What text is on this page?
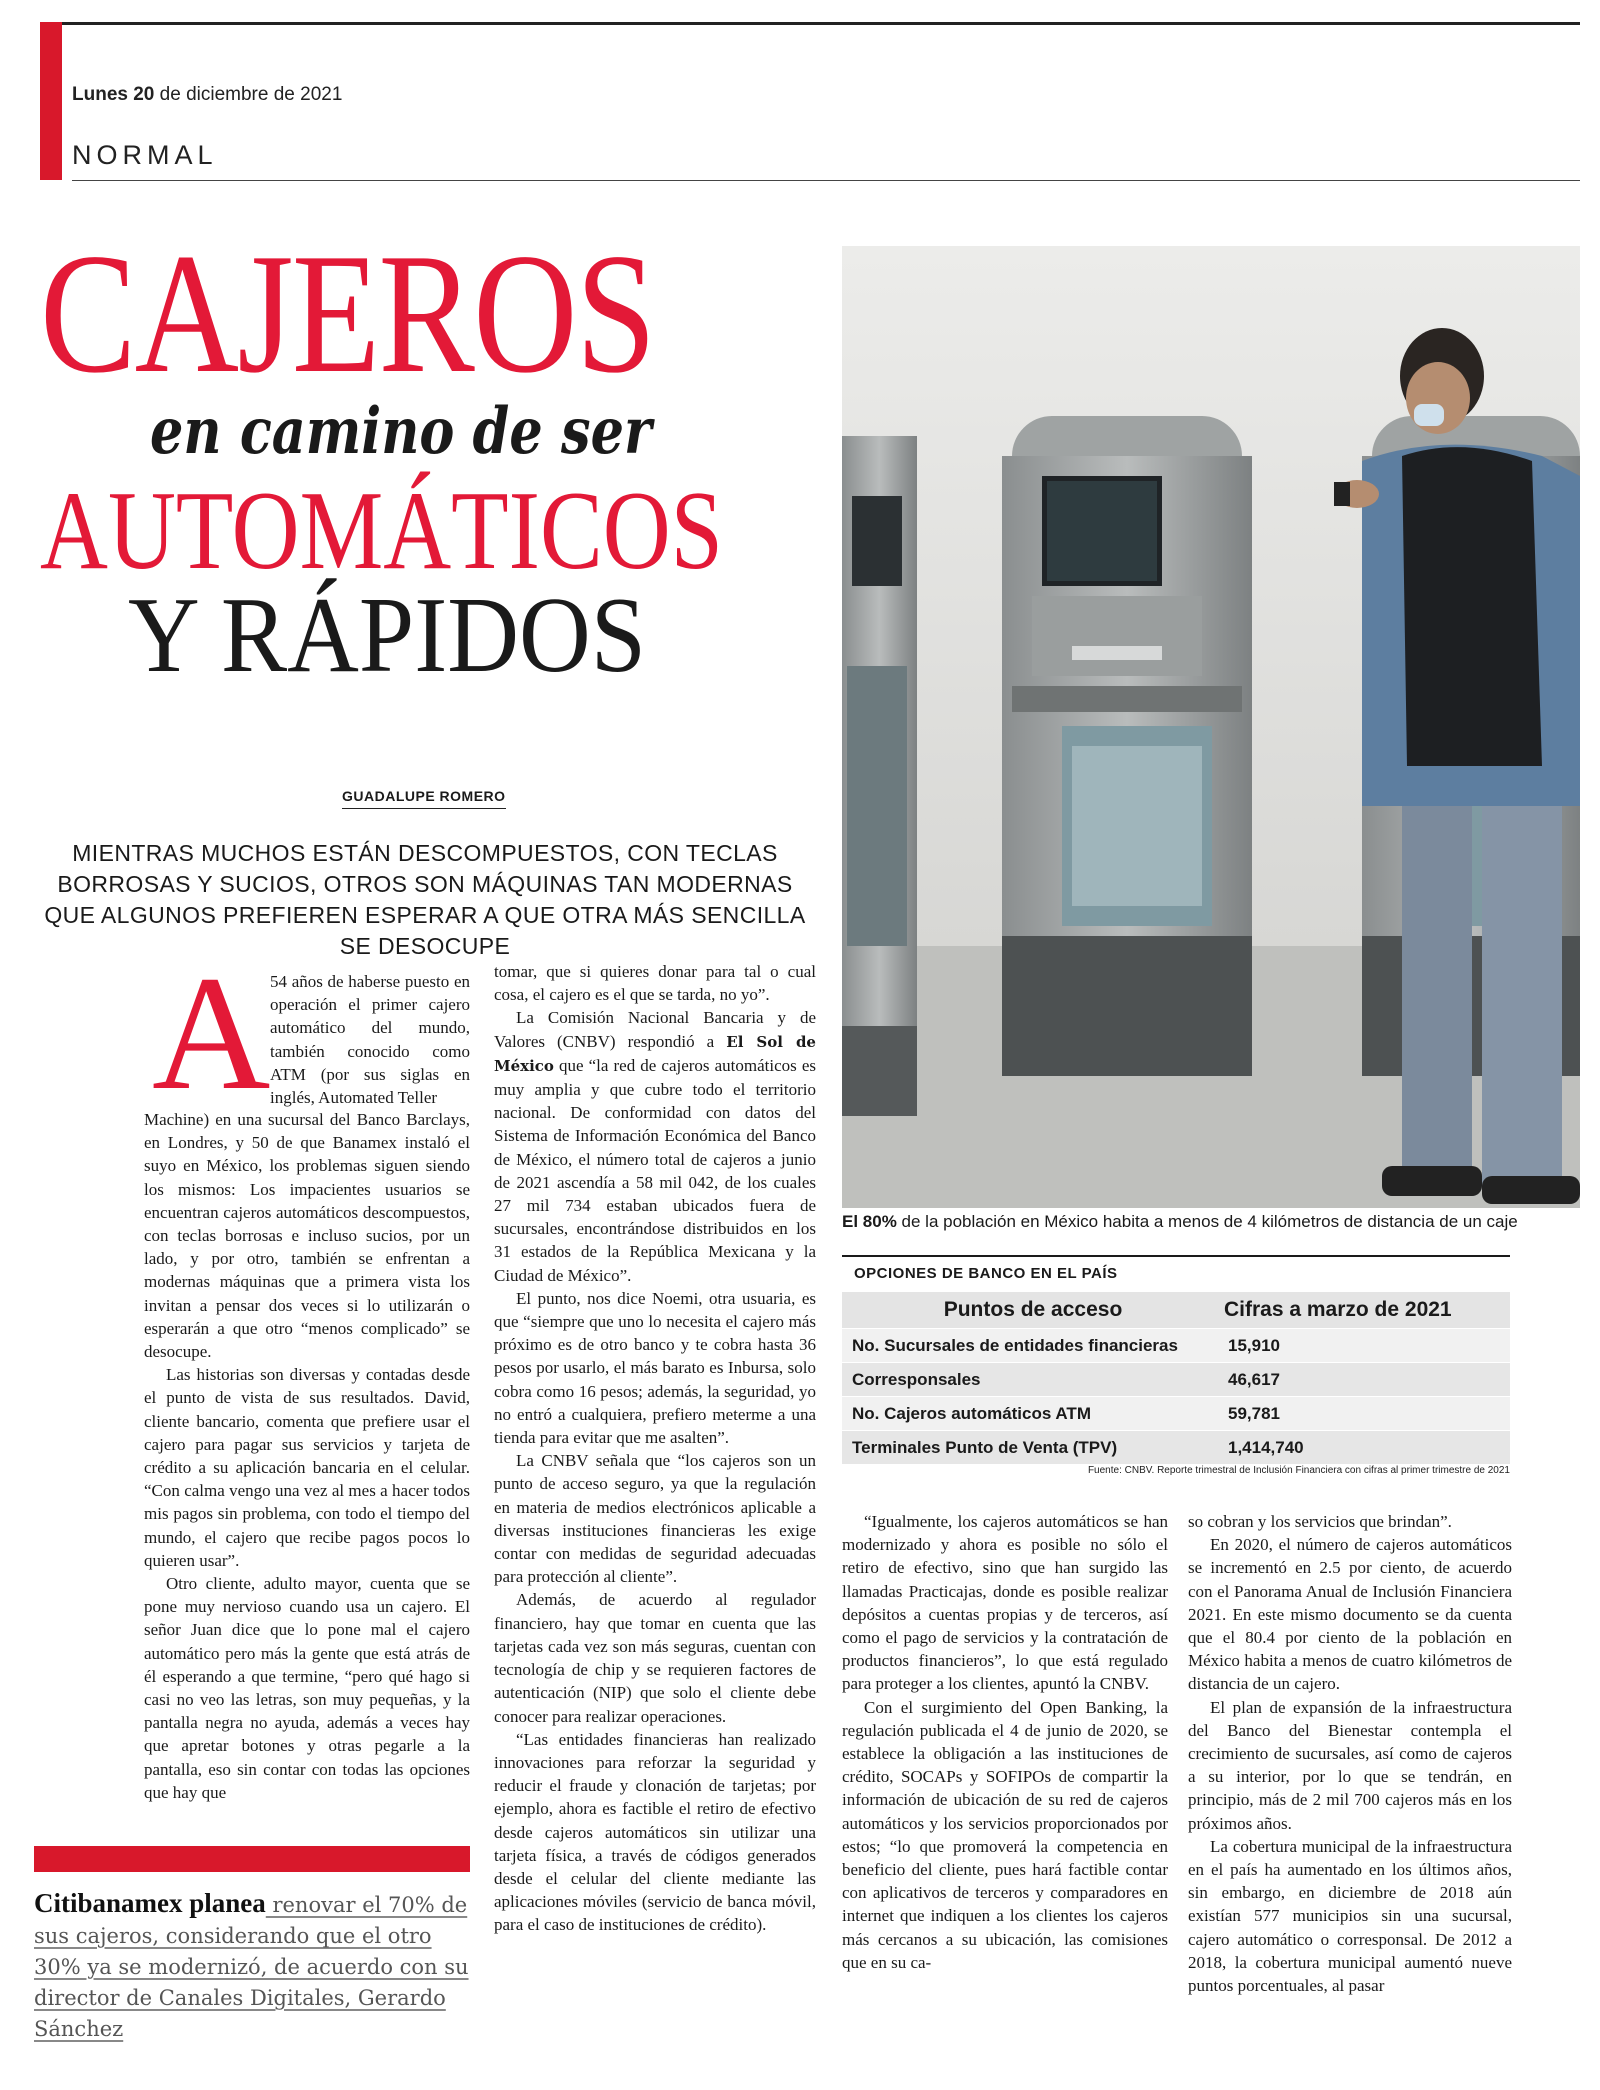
Lunes 20 de diciembre de 2021
NORMAL
CAJEROS
en camino de ser
AUTOMÁTICOS
Y RÁPIDOS
GUADALUPE ROMERO
MIENTRAS MUCHOS ESTÁN DESCOMPUESTOS, CON TECLAS BORROSAS Y SUCIOS, OTROS SON MÁQUINAS TAN MODERNAS QUE ALGUNOS PREFIEREN ESPERAR A QUE OTRA MÁS SENCILLA SE DESOCUPE
A 54 años de haberse puesto en operación el primer cajero automático del mundo, también conocido como ATM (por sus siglas en inglés, Automated Teller

Machine) en una sucursal del Banco Barclays, en Londres, y 50 de que Banamex instaló el suyo en México, los problemas siguen siendo los mismos: Los impacientes usuarios se encuentran cajeros automáticos descompuestos, con teclas borrosas e incluso sucios, por un lado, y por otro, también se enfrentan a modernas máquinas que a primera vista los invitan a pensar dos veces si lo utilizarán o esperarán a que otro “menos complicado” se desocupe.

Las historias son diversas y contadas desde el punto de vista de sus resultados. David, cliente bancario, comenta que prefiere usar el cajero para pagar sus servicios y tarjeta de crédito a su aplicación bancaria en el celular. “Con calma vengo una vez al mes a hacer todos mis pagos sin problema, con todo el tiempo del mundo, el cajero que recibe pagos pocos lo quieren usar”.

Otro cliente, adulto mayor, cuenta que se pone muy nervioso cuando usa un cajero. El señor Juan dice que lo pone mal el cajero automático pero más la gente que está atrás de él esperando a que termine, “pero qué hago si casi no veo las letras, son muy pequeñas, y la pantalla negra no ayuda, además a veces hay que apretar botones y otras pegarle a la pantalla, eso sin contar con todas las opciones que hay que

tomar, que si quieres donar para tal o cual cosa, el cajero es el que se tarda, no yo”.

La Comisión Nacional Bancaria y de Valores (CNBV) respondió a El Sol de México que “la red de cajeros automáticos es muy amplia y que cubre todo el territorio nacional. De conformidad con datos del Sistema de Información Económica del Banco de México, el número total de cajeros a junio de 2021 ascendía a 58 mil 042, de los cuales 27 mil 734 estaban ubicados fuera de sucursales, encontrándose distribuidos en los 31 estados de la República Mexicana y la Ciudad de México”.

El punto, nos dice Noemi, otra usuaria, es que “siempre que uno lo necesita el cajero más próximo es de otro banco y te cobra hasta 36 pesos por usarlo, el más barato es Inbursa, solo cobra como 16 pesos; además, la seguridad, yo no entró a cualquiera, prefiero meterme a una tienda para evitar que me asalten”.

La CNBV señala que “los cajeros son un punto de acceso seguro, ya que la regulación en materia de medios electrónicos aplicable a diversas instituciones financieras les exige contar con medidas de seguridad adecuadas para protección al cliente”.

Además, de acuerdo al regulador financiero, hay que tomar en cuenta que las tarjetas cada vez son más seguras, cuentan con tecnología de chip y se requieren factores de autenticación (NIP) que solo el cliente debe conocer para realizar operaciones.

“Las entidades financieras han realizado innovaciones para reforzar la seguridad y reducir el fraude y clonación de tarjetas; por ejemplo, ahora es factible el retiro de efectivo desde cajeros automáticos sin utilizar una tarjeta física, a través de códigos generados desde el celular del cliente mediante las aplicaciones móviles (servicio de banca móvil, para el caso de instituciones de crédito).

El 80% de la población en México habita a menos de 4 kilómetros de distancia de un caje
OPCIONES DE BANCO EN EL PAÍS
Puntos de acceso	Cifras a marzo de 2021
No. Sucursales de entidades financieras	15,910
Corresponsales	46,617
No. Cajeros automáticos ATM	59,781
Terminales Punto de Venta (TPV)	1,414,740
Fuente: CNBV. Reporte trimestral de Inclusión Financiera con cifras al primer trimestre de 2021

“Igualmente, los cajeros automáticos se han modernizado y ahora es posible no sólo el retiro de efectivo, sino que han surgido las llamadas Practicajas, donde es posible realizar depósitos a cuentas propias y de terceros, así como el pago de servicios y la contratación de productos financieros”, lo que está regulado para proteger a los clientes, apuntó la CNBV.

Con el surgimiento del Open Banking, la regulación publicada el 4 de junio de 2020, se establece la obligación a las instituciones de crédito, SOCAPs y SOFIPOs de compartir la información de ubicación de su red de cajeros automáticos y los servicios proporcionados por estos; “lo que promoverá la competencia en beneficio del cliente, pues hará factible contar con aplicativos de terceros y comparadores en internet que indiquen a los clientes los cajeros más cercanos a su ubicación, las comisiones que en su ca-

so cobran y los servicios que brindan”.

En 2020, el número de cajeros automáticos se incrementó en 2.5 por ciento, de acuerdo con el Panorama Anual de Inclusión Financiera 2021. En este mismo documento se da cuenta que el 80.4 por ciento de la población en México habita a menos de cuatro kilómetros de distancia de un cajero.

El plan de expansión de la infraestructura del Banco del Bienestar contempla el crecimiento de sucursales, así como de cajeros a su interior, por lo que se tendrán, en principio, más de 2 mil 700 cajeros más en los próximos años.

La cobertura municipal de la infraestructura en el país ha aumentado en los últimos años, sin embargo, en diciembre de 2018 aún existían 577 municipios sin una sucursal, cajero automático o corresponsal. De 2012 a 2018, la cobertura municipal aumentó nueve puntos porcentuales, al pasar

Citibanamex planea renovar el 70% de sus cajeros, considerando que el otro 30% ya se modernizó, de acuerdo con su director de Canales Digitales, Gerardo Sánchez
